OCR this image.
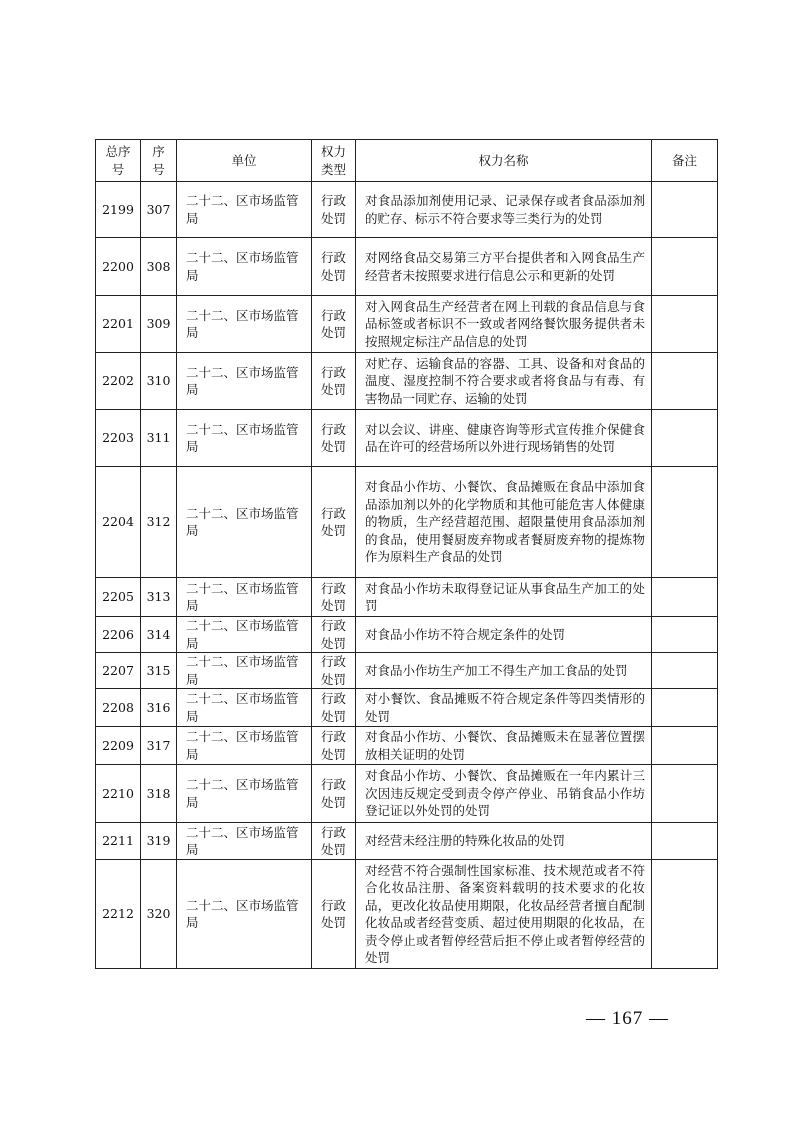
总序号	序号	单位	权力类型	权力名称	备注
2199	307	二十二、区市场监管局	行政处罚	对食品添加剂使用记录、记录保存或者食品添加剂的贮存、标示不符合要求等三类行为的处罚	
2200	308	二十二、区市场监管局	行政处罚	对网络食品交易第三方平台提供者和入网食品生产经营者未按照要求进行信息公示和更新的处罚	
2201	309	二十二、区市场监管局	行政处罚	对入网食品生产经营者在网上刊载的食品信息与食品标签或者标识不一致或者网络餐饮服务提供者未按照规定标注产品信息的处罚	
2202	310	二十二、区市场监管局	行政处罚	对贮存、运输食品的容器、工具、设备和对食品的温度、湿度控制不符合要求或者将食品与有毒、有害物品一同贮存、运输的处罚	
2203	311	二十二、区市场监管局	行政处罚	对以会议、讲座、健康咨询等形式宣传推介保健食品在许可的经营场所以外进行现场销售的处罚	
2204	312	二十二、区市场监管局	行政处罚	对食品小作坊、小餐饮、食品摊贩在食品中添加食品添加剂以外的化学物质和其他可能危害人体健康的物质，生产经营超范围、超限量使用食品添加剂的食品，使用餐厨废弃物或者餐厨废弃物的提炼物作为原料生产食品的处罚	
2205	313	二十二、区市场监管局	行政处罚	对食品小作坊未取得登记证从事食品生产加工的处罚	
2206	314	二十二、区市场监管局	行政处罚	对食品小作坊不符合规定条件的处罚	
2207	315	二十二、区市场监管局	行政处罚	对食品小作坊生产加工不得生产加工食品的处罚	
2208	316	二十二、区市场监管局	行政处罚	对小餐饮、食品摊贩不符合规定条件等四类情形的处罚	
2209	317	二十二、区市场监管局	行政处罚	对食品小作坊、小餐饮、食品摊贩未在显著位置摆放相关证明的处罚	
2210	318	二十二、区市场监管局	行政处罚	对食品小作坊、小餐饮、食品摊贩在一年内累计三次因违反规定受到责令停产停业、吊销食品小作坊登记证以外处罚的处罚	
2211	319	二十二、区市场监管局	行政处罚	对经营未经注册的特殊化妆品的处罚	
2212	320	二十二、区市场监管局	行政处罚	对经营不符合强制性国家标准、技术规范或者不符合化妆品注册、备案资料载明的技术要求的化妆品，更改化妆品使用期限，化妆品经营者擅自配制化妆品或者经营变质、超过使用期限的化妆品，在责令停止或者暂停经营后拒不停止或者暂停经营的处罚	
— 167 —
